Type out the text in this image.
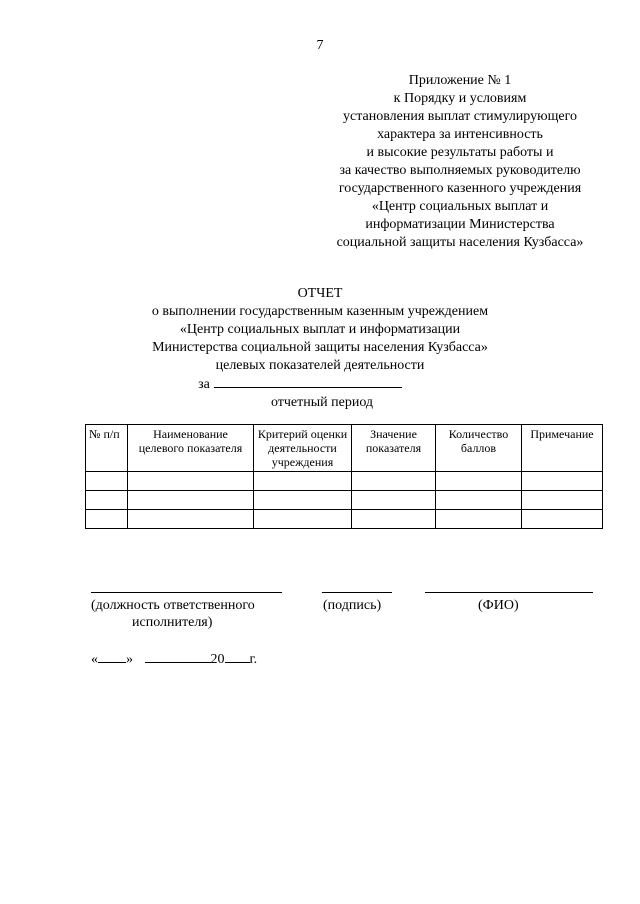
7
Приложение № 1
к Порядку и условиям
установления выплат стимулирующего
характера за интенсивность
и высокие результаты работы и
за качество выполняемых руководителю
государственного казенного учреждения
«Центр социальных выплат и
информатизации Министерства
социальной защиты населения Кузбасса»
ОТЧЕТ
о выполнении государственным казенным учреждением
«Центр социальных выплат и информатизации
Министерства социальной защиты населения Кузбасса»
целевых показателей деятельности
за
отчетный период
№ п/п	Наименование целевого показателя	Критерий оценки деятельности учреждения	Значение показателя	Количество баллов	Примечание

(должность ответственного
исполнителя)
(подпись)	(ФИО)
« »	20 г.
